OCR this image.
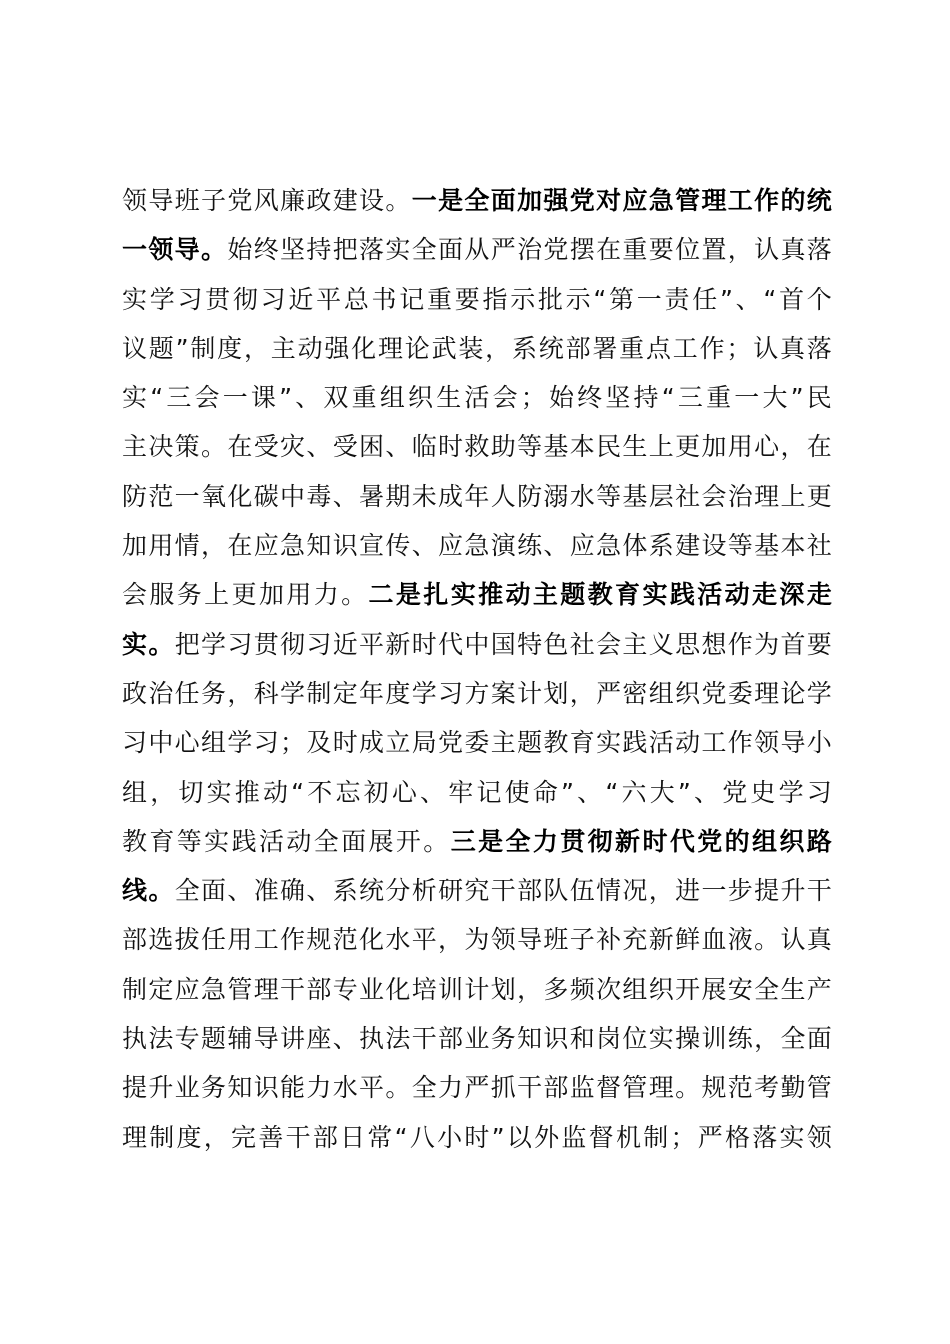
领导班子党风廉政建设。一是全面加强党对应急管理工作的统
一领导。始终坚持把落实全面从严治党摆在重要位置，认真落
实学习贯彻习近平总书记重要指示批示“第一责任”、“首个
议题”制度，主动强化理论武装，系统部署重点工作；认真落
实“三会一课”、双重组织生活会；始终坚持“三重一大”民
主决策。在受灾、受困、临时救助等基本民生上更加用心，在
防范一氧化碳中毒、暑期未成年人防溺水等基层社会治理上更
加用情，在应急知识宣传、应急演练、应急体系建设等基本社
会服务上更加用力。二是扎实推动主题教育实践活动走深走
实。把学习贯彻习近平新时代中国特色社会主义思想作为首要
政治任务，科学制定年度学习方案计划，严密组织党委理论学
习中心组学习；及时成立局党委主题教育实践活动工作领导小
组，切实推动“不忘初心、牢记使命”、“六大”、党史学习
教育等实践活动全面展开。三是全力贯彻新时代党的组织路
线。全面、准确、系统分析研究干部队伍情况，进一步提升干
部选拔任用工作规范化水平，为领导班子补充新鲜血液。认真
制定应急管理干部专业化培训计划，多频次组织开展安全生产
执法专题辅导讲座、执法干部业务知识和岗位实操训练，全面
提升业务知识能力水平。全力严抓干部监督管理。规范考勤管
理制度，完善干部日常“八小时”以外监督机制；严格落实领
